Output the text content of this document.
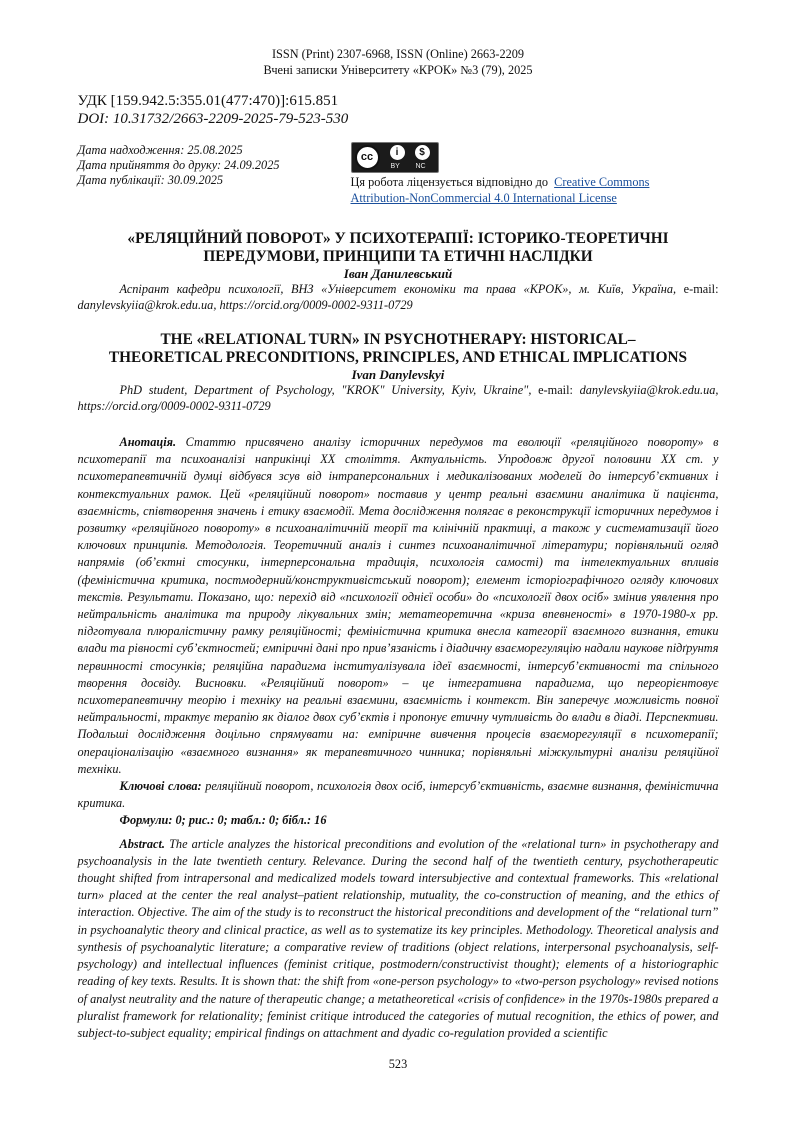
ISSN (Print) 2307-6968, ISSN (Online) 2663-2209
Вчені записки Університету «КРОК» №3 (79), 2025
УДК [159.942.5:355.01(477:470)]:615.851
DOI: 10.31732/2663-2209-2025-79-523-530
Дата надходження: 25.08.2025
Дата прийняття до друку: 24.09.2025
Дата публікації: 30.09.2025
cc	i	$
BY NC
Ця робота ліцензується відповідно до Creative Commons
Attribution-NonCommercial 4.0 International License
«РЕЛЯЦІЙНИЙ ПОВОРОТ» У ПСИХОТЕРАПІЇ: ІСТОРИКО-ТЕОРЕТИЧНІ
ПЕРЕДУМОВИ, ПРИНЦИПИ ТА ЕТИЧНІ НАСЛІДКИ
Іван Данилевський
Аспірант кафедри психології, ВНЗ «Університет економіки та права «КРОК», м. Київ, Україна, e-mail: danylevskyiia@krok.edu.ua, https://orcid.org/0009-0002-9311-0729
THE «RELATIONAL TURN» IN PSYCHOTHERAPY: HISTORICAL–
THEORETICAL PRECONDITIONS, PRINCIPLES, AND ETHICAL IMPLICATIONS
Ivan Danylevskyi
PhD student, Department of Psychology, "KROK" University, Kyiv, Ukraine", e-mail: danylevskyiia@krok.edu.ua, https://orcid.org/0009-0002-9311-0729
Анотація. Статтю присвячено аналізу історичних передумов та еволюції «реляційного повороту» в психотерапії та психоаналізі наприкінці ХХ століття. Актуальність. Упродовж другої половини ХХ ст. у психотерапевтичній думці відбувся зсув від інтраперсональних і медикалізованих моделей до інтерсуб’єктивних і контекстуальних рамок. Цей «реляційний поворот» поставив у центр реальні взаємини аналітика й пацієнта, взаємність, співтворення значень і етику взаємодії. Мета дослідження полягає в реконструкції історичних передумов і розвитку «реляційного повороту» в психоаналітичній теорії та клінічній практиці, а також у систематизації його ключових принципів. Методологія. Теоретичний аналіз і синтез психоаналітичної літератури; порівняльний огляд напрямів (об’єктні стосунки, інтерперсональна традиція, психологія самості) та інтелектуальних впливів (феміністична критика, постмодерний/конструктивістський поворот); елемент історіографічного огляду ключових текстів. Результати. Показано, що: перехід від «психології однієї особи» до «психології двох осіб» змінив уявлення про нейтральність аналітика та природу лікувальних змін; метатеоретична «криза впевненості» в 1970-1980-х рр. підготувала плюралістичну рамку реляційності; феміністична критика внесла категорії взаємного визнання, етики влади та рівності суб’єктностей; емпіричні дані про прив’язаність і діадичну взаєморегуляцію надали наукове підґрунтя первинності стосунків; реляційна парадигма інституалізувала ідеї взаємності, інтерсуб’єктивності та спільного творення досвіду. Висновки. «Реляційний поворот» – це інтегративна парадигма, що переорієнтовує психотерапевтичну теорію і техніку на реальні взаємини, взаємність і контекст. Він заперечує можливість повної нейтральності, трактує терапію як діалог двох суб’єктів і пропонує етичну чутливість до влади в діаді. Перспективи. Подальші дослідження доцільно спрямувати на: емпіричне вивчення процесів взаєморегуляції в психотерапії; операціоналізацію «взаємного визнання» як терапевтичного чинника; порівняльні міжкультурні аналізи реляційної техніки.
Ключові слова: реляційний поворот, психологія двох осіб, інтерсуб’єктивність, взаємне визнання, феміністична критика.
Формули: 0; рис.: 0; табл.: 0; бібл.: 16
Abstract. The article analyzes the historical preconditions and evolution of the «relational turn» in psychotherapy and psychoanalysis in the late twentieth century. Relevance. During the second half of the twentieth century, psychotherapeutic thought shifted from intrapersonal and medicalized models toward intersubjective and contextual frameworks. This «relational turn» placed at the center the real analyst–patient relationship, mutuality, the co-construction of meaning, and the ethics of interaction. Objective. The aim of the study is to reconstruct the historical preconditions and development of the “relational turn” in psychoanalytic theory and clinical practice, as well as to systematize its key principles. Methodology. Theoretical analysis and synthesis of psychoanalytic literature; a comparative review of traditions (object relations, interpersonal psychoanalysis, self-psychology) and intellectual influences (feminist critique, postmodern/constructivist thought); elements of a historiographic reading of key texts. Results. It is shown that: the shift from «one-person psychology» to «two-person psychology» revised notions of analyst neutrality and the nature of therapeutic change; a metatheoretical «crisis of confidence» in the 1970s-1980s prepared a pluralist framework for relationality; feminist critique introduced the categories of mutual recognition, the ethics of power, and subject-to-subject equality; empirical findings on attachment and dyadic co-regulation provided a scientific
523
